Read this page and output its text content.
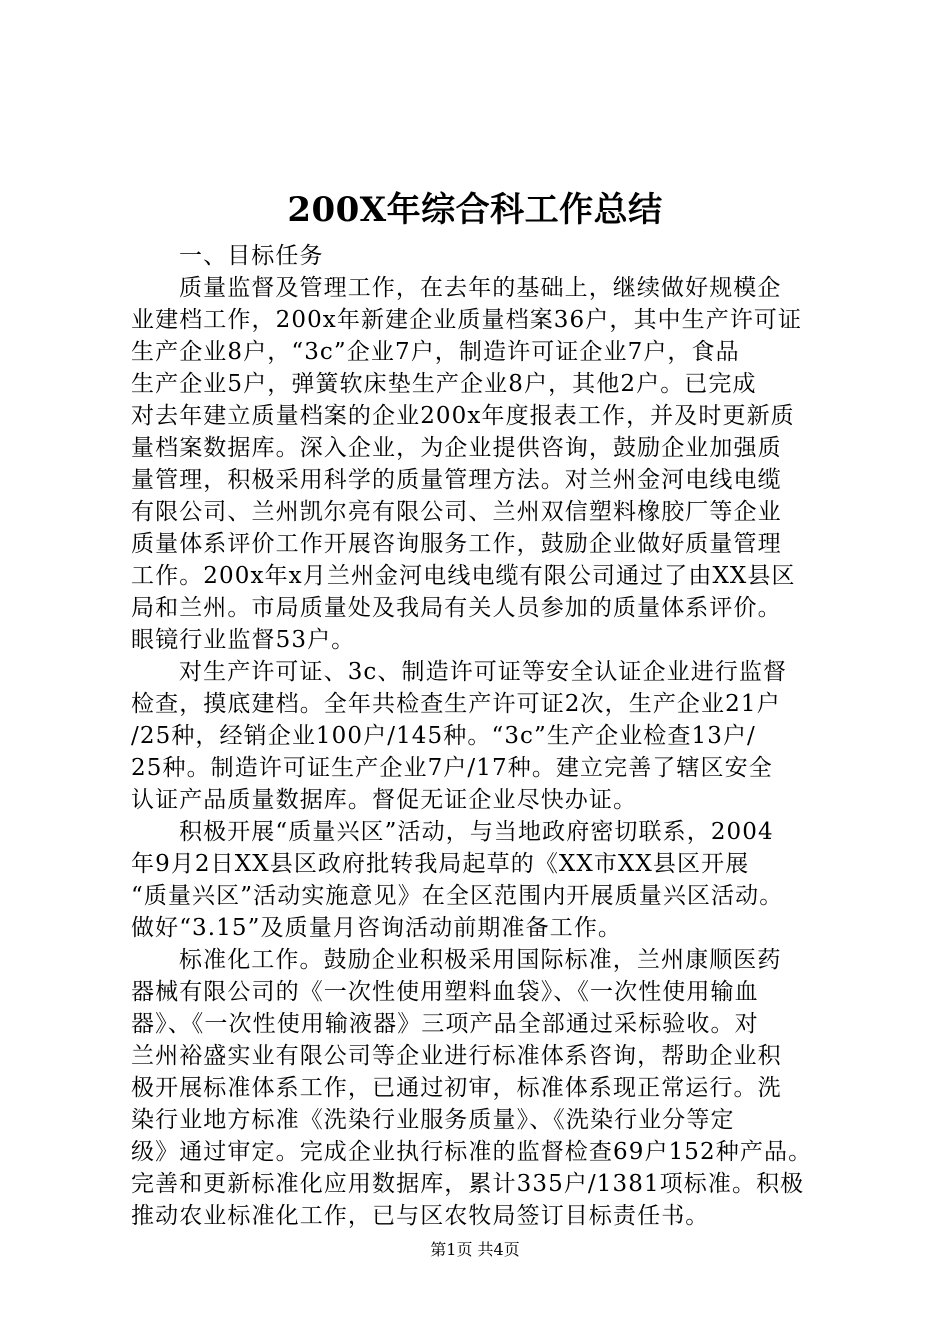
200X年综合科工作总结
一、目标任务
质量监督及管理工作，在去年的基础上，继续做好规模企
业建档工作，200x年新建企业质量档案36户，其中生产许可证
生产企业8户，“3c”企业7户，制造许可证企业7户，食品
生产企业5户，弹簧软床垫生产企业8户，其他2户。已完成
对去年建立质量档案的企业200x年度报表工作，并及时更新质
量档案数据库。深入企业，为企业提供咨询，鼓励企业加强质
量管理，积极采用科学的质量管理方法。对兰州金河电线电缆
有限公司、兰州凯尔亮有限公司、兰州双信塑料橡胶厂等企业
质量体系评价工作开展咨询服务工作，鼓励企业做好质量管理
工作。200x年x月兰州金河电线电缆有限公司通过了由XX县区
局和兰州。市局质量处及我局有关人员参加的质量体系评价。
眼镜行业监督53户。
对生产许可证、3c、制造许可证等安全认证企业进行监督
检查，摸底建档。全年共检查生产许可证2次，生产企业21户
/25种，经销企业100户/145种。“3c”生产企业检查13户/
25种。制造许可证生产企业7户/17种。建立完善了辖区安全
认证产品质量数据库。督促无证企业尽快办证。
积极开展“质量兴区”活动，与当地政府密切联系，2004
年9月2日XX县区政府批转我局起草的《XX市XX县区开展
“质量兴区”活动实施意见》在全区范围内开展质量兴区活动。
做好“3.15”及质量月咨询活动前期准备工作。
标准化工作。鼓励企业积极采用国际标准，兰州康顺医药
器械有限公司的《一次性使用塑料血袋》、《一次性使用输血
器》、《一次性使用输液器》三项产品全部通过采标验收。对
兰州裕盛实业有限公司等企业进行标准体系咨询，帮助企业积
极开展标准体系工作，已通过初审，标准体系现正常运行。洗
染行业地方标准《洗染行业服务质量》、《洗染行业分等定
级》通过审定。完成企业执行标准的监督检查69户152种产品。
完善和更新标准化应用数据库，累计335户/1381项标准。积极
推动农业标准化工作，已与区农牧局签订目标责任书。
第1页 共4页
